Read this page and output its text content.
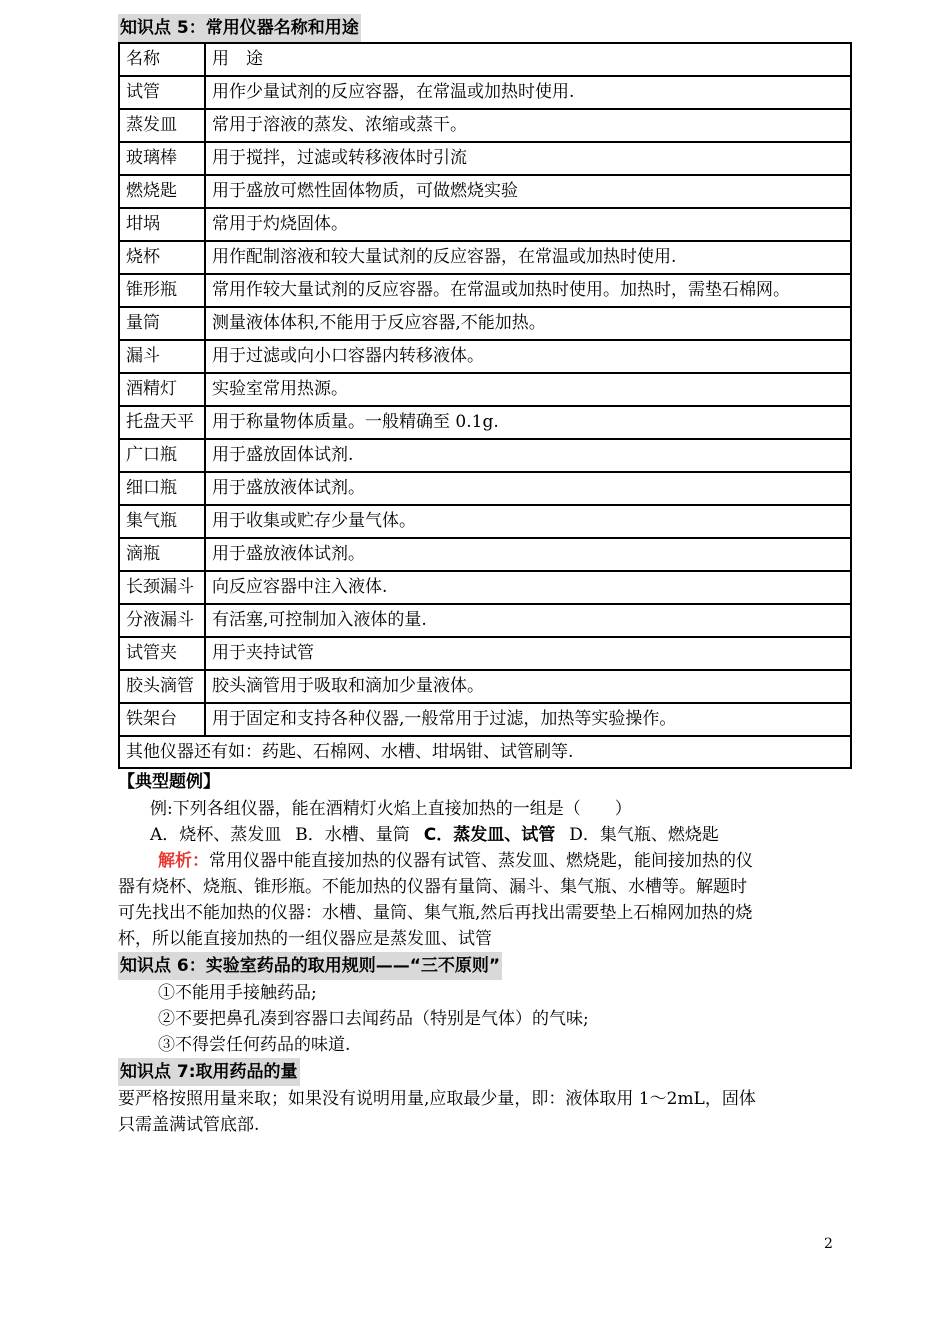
知识点 5：常用仪器名称和用途
名称	用　途
试管	用作少量试剂的反应容器，在常温或加热时使用.
蒸发皿	常用于溶液的蒸发、浓缩或蒸干。
玻璃棒	用于搅拌，过滤或转移液体时引流
燃烧匙	用于盛放可燃性固体物质，可做燃烧实验
坩埚	常用于灼烧固体。
烧杯	用作配制溶液和较大量试剂的反应容器，在常温或加热时使用.
锥形瓶	常用作较大量试剂的反应容器。在常温或加热时使用。加热时，需垫石棉网。
量筒	测量液体体积,不能用于反应容器,不能加热。
漏斗	用于过滤或向小口容器内转移液体。
酒精灯	实验室常用热源。
托盘天平	用于称量物体质量。一般精确至 0.1g.
广口瓶	用于盛放固体试剂.
细口瓶	用于盛放液体试剂。
集气瓶	用于收集或贮存少量气体。
滴瓶	用于盛放液体试剂。
长颈漏斗	向反应容器中注入液体.
分液漏斗	有活塞,可控制加入液体的量.
试管夹	用于夹持试管
胶头滴管	胶头滴管用于吸取和滴加少量液体。
铁架台	用于固定和支持各种仪器,一般常用于过滤，加热等实验操作。
其他仪器还有如：药匙、石棉网、水槽、坩埚钳、试管刷等.	
【典型题例】
例:下列各组仪器，能在酒精灯火焰上直接加热的一组是（　　）
A．烧杯、蒸发皿 B．水槽、量筒 C．蒸发皿、试管 D．集气瓶、燃烧匙
解析：常用仪器中能直接加热的仪器有试管、蒸发皿、燃烧匙，能间接加热的仪
器有烧杯、烧瓶、锥形瓶。不能加热的仪器有量筒、漏斗、集气瓶、水槽等。解题时
可先找出不能加热的仪器：水槽、量筒、集气瓶,然后再找出需要垫上石棉网加热的烧
杯，所以能直接加热的一组仪器应是蒸发皿、试管
知识点 6：实验室药品的取用规则——“三不原则”
①不能用手接触药品;
②不要把鼻孔凑到容器口去闻药品（特别是气体）的气味;
③不得尝任何药品的味道.
知识点 7:取用药品的量
要严格按照用量来取；如果没有说明用量,应取最少量，即：液体取用 1～2mL，固体
只需盖满试管底部.
2
